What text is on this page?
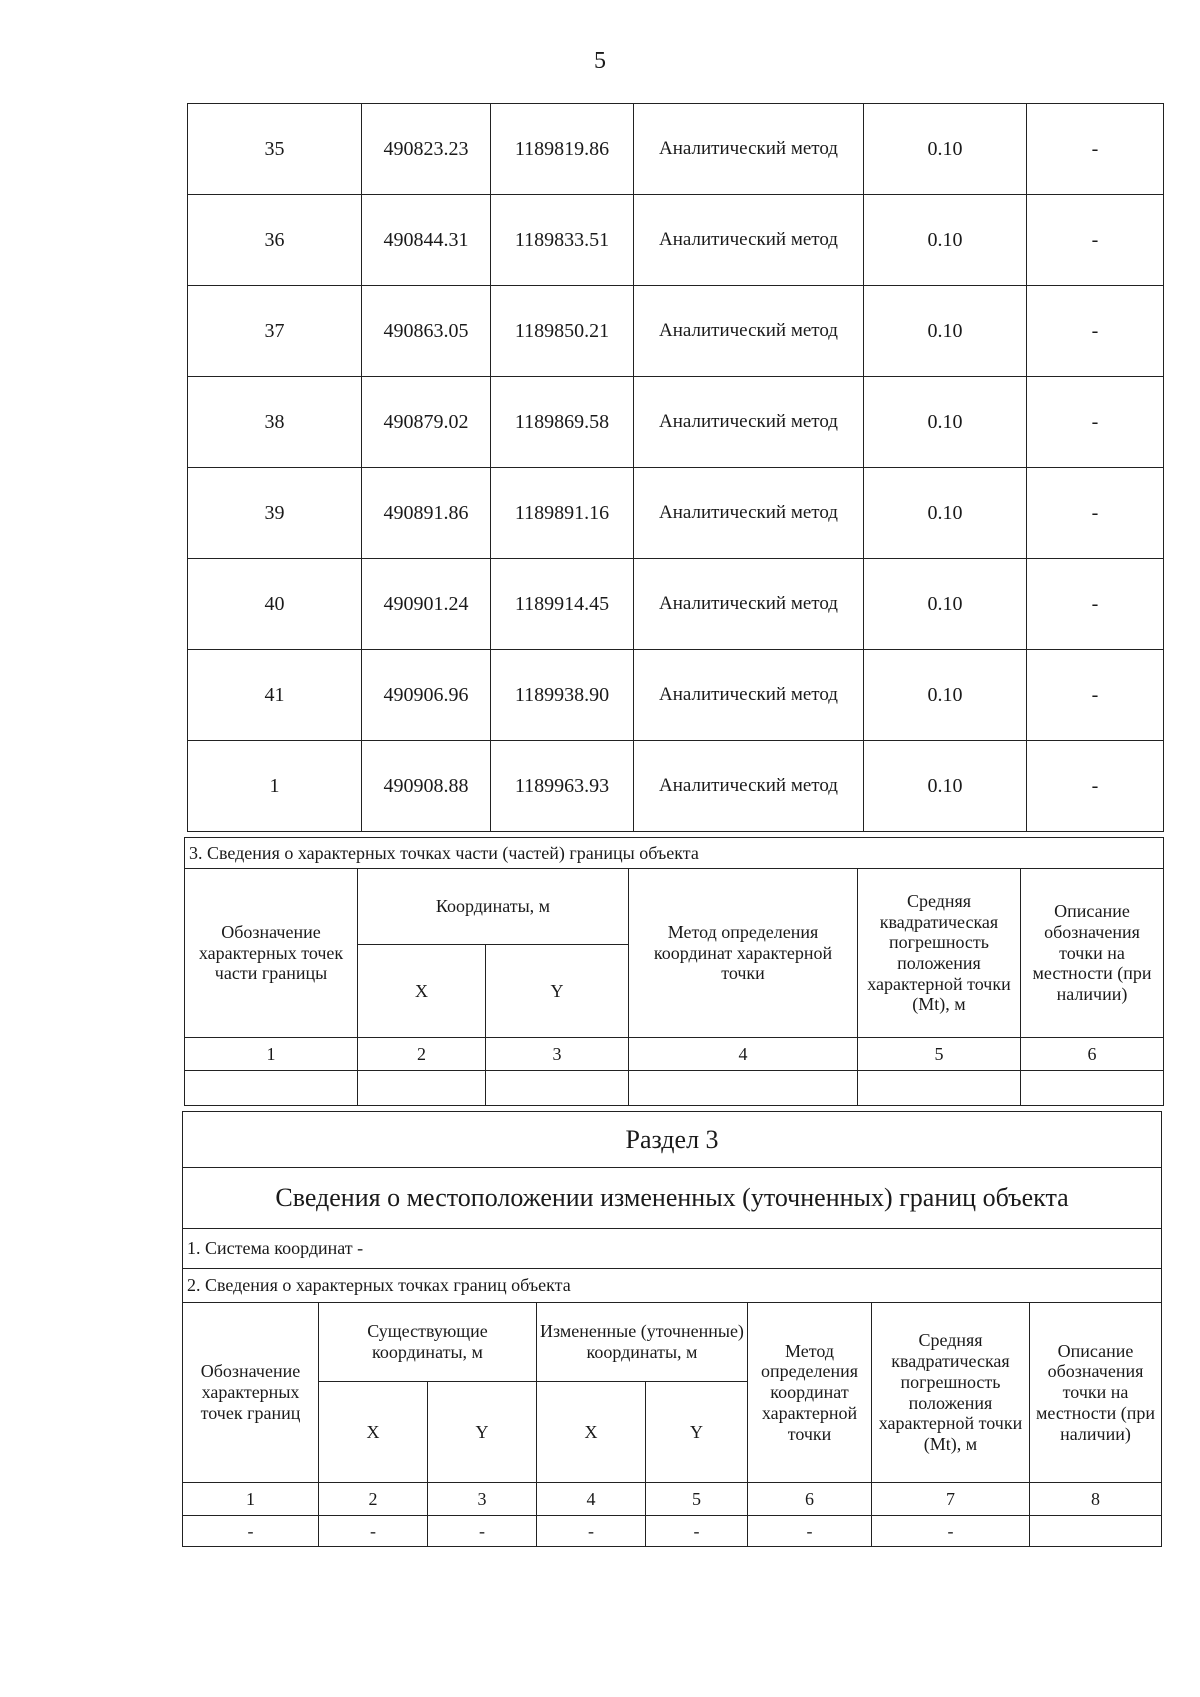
5
35	490823.23	1189819.86	Аналитический метод	0.10	-
36	490844.31	1189833.51	Аналитический метод	0.10	-
37	490863.05	1189850.21	Аналитический метод	0.10	-
38	490879.02	1189869.58	Аналитический метод	0.10	-
39	490891.86	1189891.16	Аналитический метод	0.10	-
40	490901.24	1189914.45	Аналитический метод	0.10	-
41	490906.96	1189938.90	Аналитический метод	0.10	-
1	490908.88	1189963.93	Аналитический метод	0.10	-
3. Сведения о характерных точках части (частей) границы объекта					
Обозначение характерных точек части границы	Координаты, м		Метод определения координат характерной точки	Средняя квадратическая погрешность положения характерной точки (Mt), м	Описание обозначения точки на местности (при наличии)
	X	Y			
1	2	3	4	5	6

Раздел 3							
Сведения о местоположении измененных (уточненных) границ объекта							
1. Система координат -							
2. Сведения о характерных точках границ объекта							
Обозначение характерных точек границ	Существующие координаты, м		Измененные (уточненные) координаты, м		Метод определения координат характерной точки	Средняя квадратическая погрешность положения характерной точки (Mt), м	Описание обозначения точки на местности (при наличии)
	X	Y	X	Y			
1	2	3	4	5	6	7	8
-	-	-	-	-	-	-	
